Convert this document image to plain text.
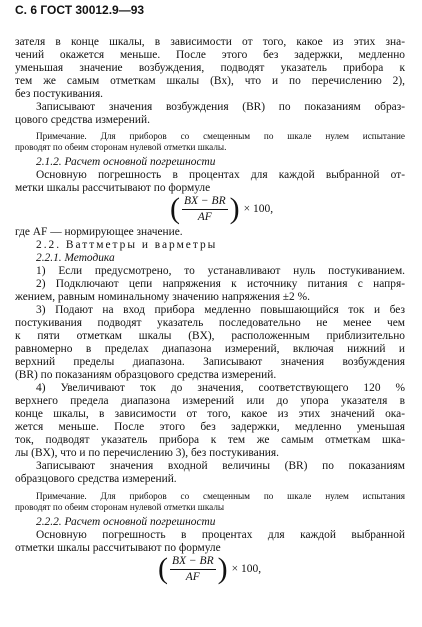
С. 6 ГОСТ 30012.9—93
зателя в конце шкалы, в зависимости от того, какое из этих зна-
чений окажется меньше. После этого без задержки, медленно
уменьшая значение возбуждения, подводят указатель прибора к
тем же самым отметкам шкалы (Bx), что и по перечислению 2),
без постукивания.
Записывают значения возбуждения (BR) по показаниям образ-
цового средства измерений.
Примечание. Для приборов со смещенным по шкале нулем испытание
проводят по обеим сторонам нулевой отметки шкалы.
2.1.2. Расчет основной погрешности
Основную погрешность в процентах для каждой выбранной от-
метки шкалы рассчитывают по формуле
( $\frac{BX - BR}{AF}$ ) × 100,
где AF — нормирующее значение.
2.2. Ваттметры и варметры
2.2.1. Методика
1) Если предусмотрено, то устанавливают нуль постукиванием.
2) Подключают цепи напряжения к источнику питания с напря-
жением, равным номинальному значению напряжения ±2 %.
3) Подают на вход прибора медленно повышающийся ток и без
постукивания подводят указатель последовательно не менее чем
к пяти отметкам шкалы (BX), расположенным приблизительно
равномерно в пределах диапазона измерений, включая нижний и
верхний пределы диапазона. Записывают значения возбуждения
(BR) по показаниям образцового средства измерений.
4) Увеличивают ток до значения, соответствующего 120 %
верхнего предела диапазона измерений или до упора указателя в
конце шкалы, в зависимости от того, какое из этих значений ока-
жется меньше. После этого без задержки, медленно уменьшая
ток, подводят указатель прибора к тем же самым отметкам шка-
лы (BX), что и по перечислению 3), без постукивания.
Записывают значения входной величины (BR) по показаниям
образцового средства измерений.
Примечание. Для приборов со смещенным по шкале нулем испытания
проводят по обеим сторонам нулевой отметки шкалы
2.2.2. Расчет основной погрешности
Основную погрешность в процентах для каждой выбранной
отметки шкалы рассчитывают по формуле
( $\frac{BX - BR}{AF}$ ) × 100,
